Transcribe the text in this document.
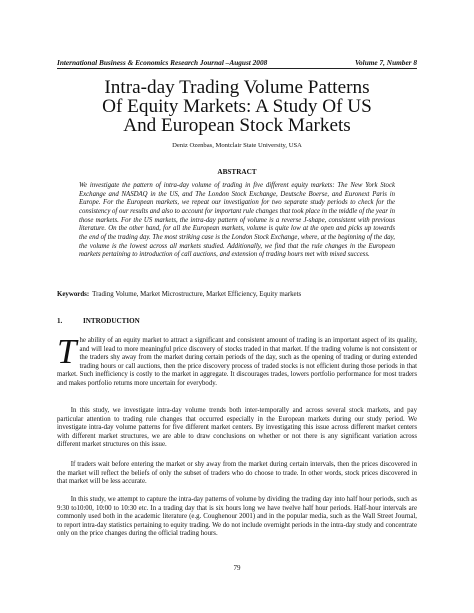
International Business & Economics Research Journal –August 2008	Volume 7, Number 8
Intra-day Trading Volume Patterns
Of Equity Markets: A Study Of US
And European Stock Markets
Deniz Ozenbas, Montclair State University, USA
ABSTRACT
We investigate the pattern of intra-day volume of trading in five different equity markets: The New York Stock Exchange and NASDAQ in the US, and The London Stock Exchange, Deutsche Boerse, and Euronext Paris in Europe. For the European markets, we repeat our investigation for two separate study periods to check for the consistency of our results and also to account for important rule changes that took place in the middle of the year in those markets. For the US markets, the intra-day pattern of volume is a reverse J-shape, consistent with previous literature. On the other hand, for all the European markets, volume is quite low at the open and picks up towards the end of the trading day. The most striking case is the London Stock Exchange, where, at the beginning of the day, the volume is the lowest across all markets studied. Additionally, we find that the rule changes in the European markets pertaining to introduction of call auctions, and extension of trading hours met with mixed success.
Keywords: Trading Volume, Market Microstructure, Market Efficiency, Equity markets
1.	INTRODUCTION
The ability of an equity market to attract a significant and consistent amount of trading is an important aspect of its quality, and will lead to more meaningful price discovery of stocks traded in that market. If the trading volume is not consistent or the traders shy away from the market during certain periods of the day, such as the opening of trading or during extended trading hours or call auctions, then the price discovery process of traded stocks is not efficient during those periods in that market. Such inefficiency is costly to the market in aggregate. It discourages trades, lowers portfolio performance for most traders and makes portfolio returns more uncertain for everybody.
  In this study, we investigate intra-day volume trends both inter-temporally and across several stock markets, and pay particular attention to trading rule changes that occurred especially in the European markets during our study period. We investigate intra-day volume patterns for five different market centers. By investigating this issue across different market centers with different market structures, we are able to draw conclusions on whether or not there is any significant variation across different market structures on this issue.
  If traders wait before entering the market or shy away from the market during certain intervals, then the prices discovered in the market will reflect the beliefs of only the subset of traders who do choose to trade. In other words, stock prices discovered in that market will be less accurate.
  In this study, we attempt to capture the intra-day patterns of volume by dividing the trading day into half hour periods, such as 9:30 to10:00, 10:00 to 10:30 etc. In a trading day that is six hours long we have twelve half hour periods. Half-hour intervals are commonly used both in the academic literature (e.g. Coughenour 2001) and in the popular media, such as the Wall Street Journal, to report intra-day statistics pertaining to equity trading. We do not include overnight periods in the intra-day study and concentrate only on the price changes during the official trading hours.
79
